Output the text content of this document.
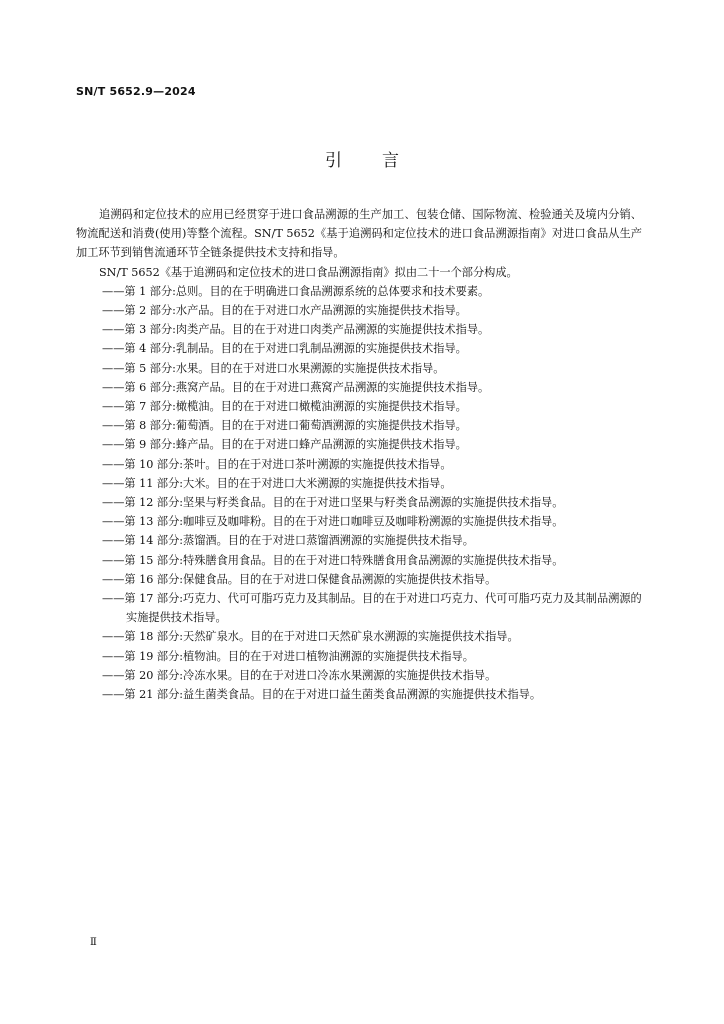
SN/T 5652.9—2024
引言

追溯码和定位技术的应用已经贯穿于进口食品溯源的生产加工、包装仓储、国际物流、检验通关及境内分销、物流配送和消费(使用)等整个流程。SN/T 5652《基于追溯码和定位技术的进口食品溯源指南》对进口食品从生产加工环节到销售流通环节全链条提供技术支持和指导。

SN/T 5652《基于追溯码和定位技术的进口食品溯源指南》拟由二十一个部分构成。

——第 1 部分:总则。目的在于明确进口食品溯源系统的总体要求和技术要素。

——第 2 部分:水产品。目的在于对进口水产品溯源的实施提供技术指导。

——第 3 部分:肉类产品。目的在于对进口肉类产品溯源的实施提供技术指导。

——第 4 部分:乳制品。目的在于对进口乳制品溯源的实施提供技术指导。

——第 5 部分:水果。目的在于对进口水果溯源的实施提供技术指导。

——第 6 部分:燕窝产品。目的在于对进口燕窝产品溯源的实施提供技术指导。

——第 7 部分:橄榄油。目的在于对进口橄榄油溯源的实施提供技术指导。

——第 8 部分:葡萄酒。目的在于对进口葡萄酒溯源的实施提供技术指导。

——第 9 部分:蜂产品。目的在于对进口蜂产品溯源的实施提供技术指导。

——第 10 部分:茶叶。目的在于对进口茶叶溯源的实施提供技术指导。

——第 11 部分:大米。目的在于对进口大米溯源的实施提供技术指导。

——第 12 部分:坚果与籽类食品。目的在于对进口坚果与籽类食品溯源的实施提供技术指导。

——第 13 部分:咖啡豆及咖啡粉。目的在于对进口咖啡豆及咖啡粉溯源的实施提供技术指导。

——第 14 部分:蒸馏酒。目的在于对进口蒸馏酒溯源的实施提供技术指导。

——第 15 部分:特殊膳食用食品。目的在于对进口特殊膳食用食品溯源的实施提供技术指导。

——第 16 部分:保健食品。目的在于对进口保健食品溯源的实施提供技术指导。

——第 17 部分:巧克力、代可可脂巧克力及其制品。目的在于对进口巧克力、代可可脂巧克力及其制品溯源的实施提供技术指导。

——第 18 部分:天然矿泉水。目的在于对进口天然矿泉水溯源的实施提供技术指导。

——第 19 部分:植物油。目的在于对进口植物油溯源的实施提供技术指导。

——第 20 部分:冷冻水果。目的在于对进口冷冻水果溯源的实施提供技术指导。

——第 21 部分:益生菌类食品。目的在于对进口益生菌类食品溯源的实施提供技术指导。

Ⅱ
